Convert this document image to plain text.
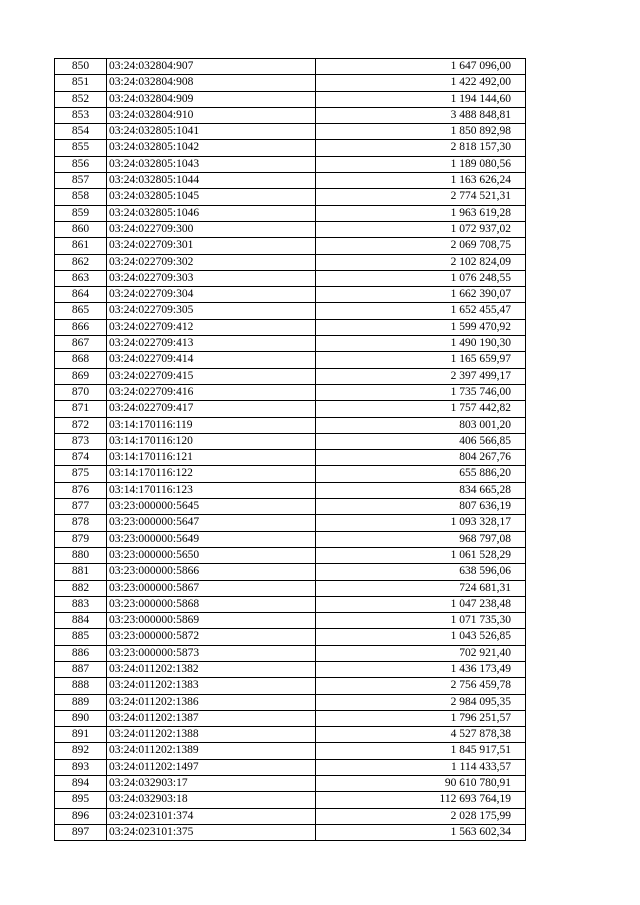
850	03:24:032804:907	1 647 096,00
851	03:24:032804:908	1 422 492,00
852	03:24:032804:909	1 194 144,60
853	03:24:032804:910	3 488 848,81
854	03:24:032805:1041	1 850 892,98
855	03:24:032805:1042	2 818 157,30
856	03:24:032805:1043	1 189 080,56
857	03:24:032805:1044	1 163 626,24
858	03:24:032805:1045	2 774 521,31
859	03:24:032805:1046	1 963 619,28
860	03:24:022709:300	1 072 937,02
861	03:24:022709:301	2 069 708,75
862	03:24:022709:302	2 102 824,09
863	03:24:022709:303	1 076 248,55
864	03:24:022709:304	1 662 390,07
865	03:24:022709:305	1 652 455,47
866	03:24:022709:412	1 599 470,92
867	03:24:022709:413	1 490 190,30
868	03:24:022709:414	1 165 659,97
869	03:24:022709:415	2 397 499,17
870	03:24:022709:416	1 735 746,00
871	03:24:022709:417	1 757 442,82
872	03:14:170116:119	803 001,20
873	03:14:170116:120	406 566,85
874	03:14:170116:121	804 267,76
875	03:14:170116:122	655 886,20
876	03:14:170116:123	834 665,28
877	03:23:000000:5645	807 636,19
878	03:23:000000:5647	1 093 328,17
879	03:23:000000:5649	968 797,08
880	03:23:000000:5650	1 061 528,29
881	03:23:000000:5866	638 596,06
882	03:23:000000:5867	724 681,31
883	03:23:000000:5868	1 047 238,48
884	03:23:000000:5869	1 071 735,30
885	03:23:000000:5872	1 043 526,85
886	03:23:000000:5873	702 921,40
887	03:24:011202:1382	1 436 173,49
888	03:24:011202:1383	2 756 459,78
889	03:24:011202:1386	2 984 095,35
890	03:24:011202:1387	1 796 251,57
891	03:24:011202:1388	4 527 878,38
892	03:24:011202:1389	1 845 917,51
893	03:24:011202:1497	1 114 433,57
894	03:24:032903:17	90 610 780,91
895	03:24:032903:18	112 693 764,19
896	03:24:023101:374	2 028 175,99
897	03:24:023101:375	1 563 602,34
